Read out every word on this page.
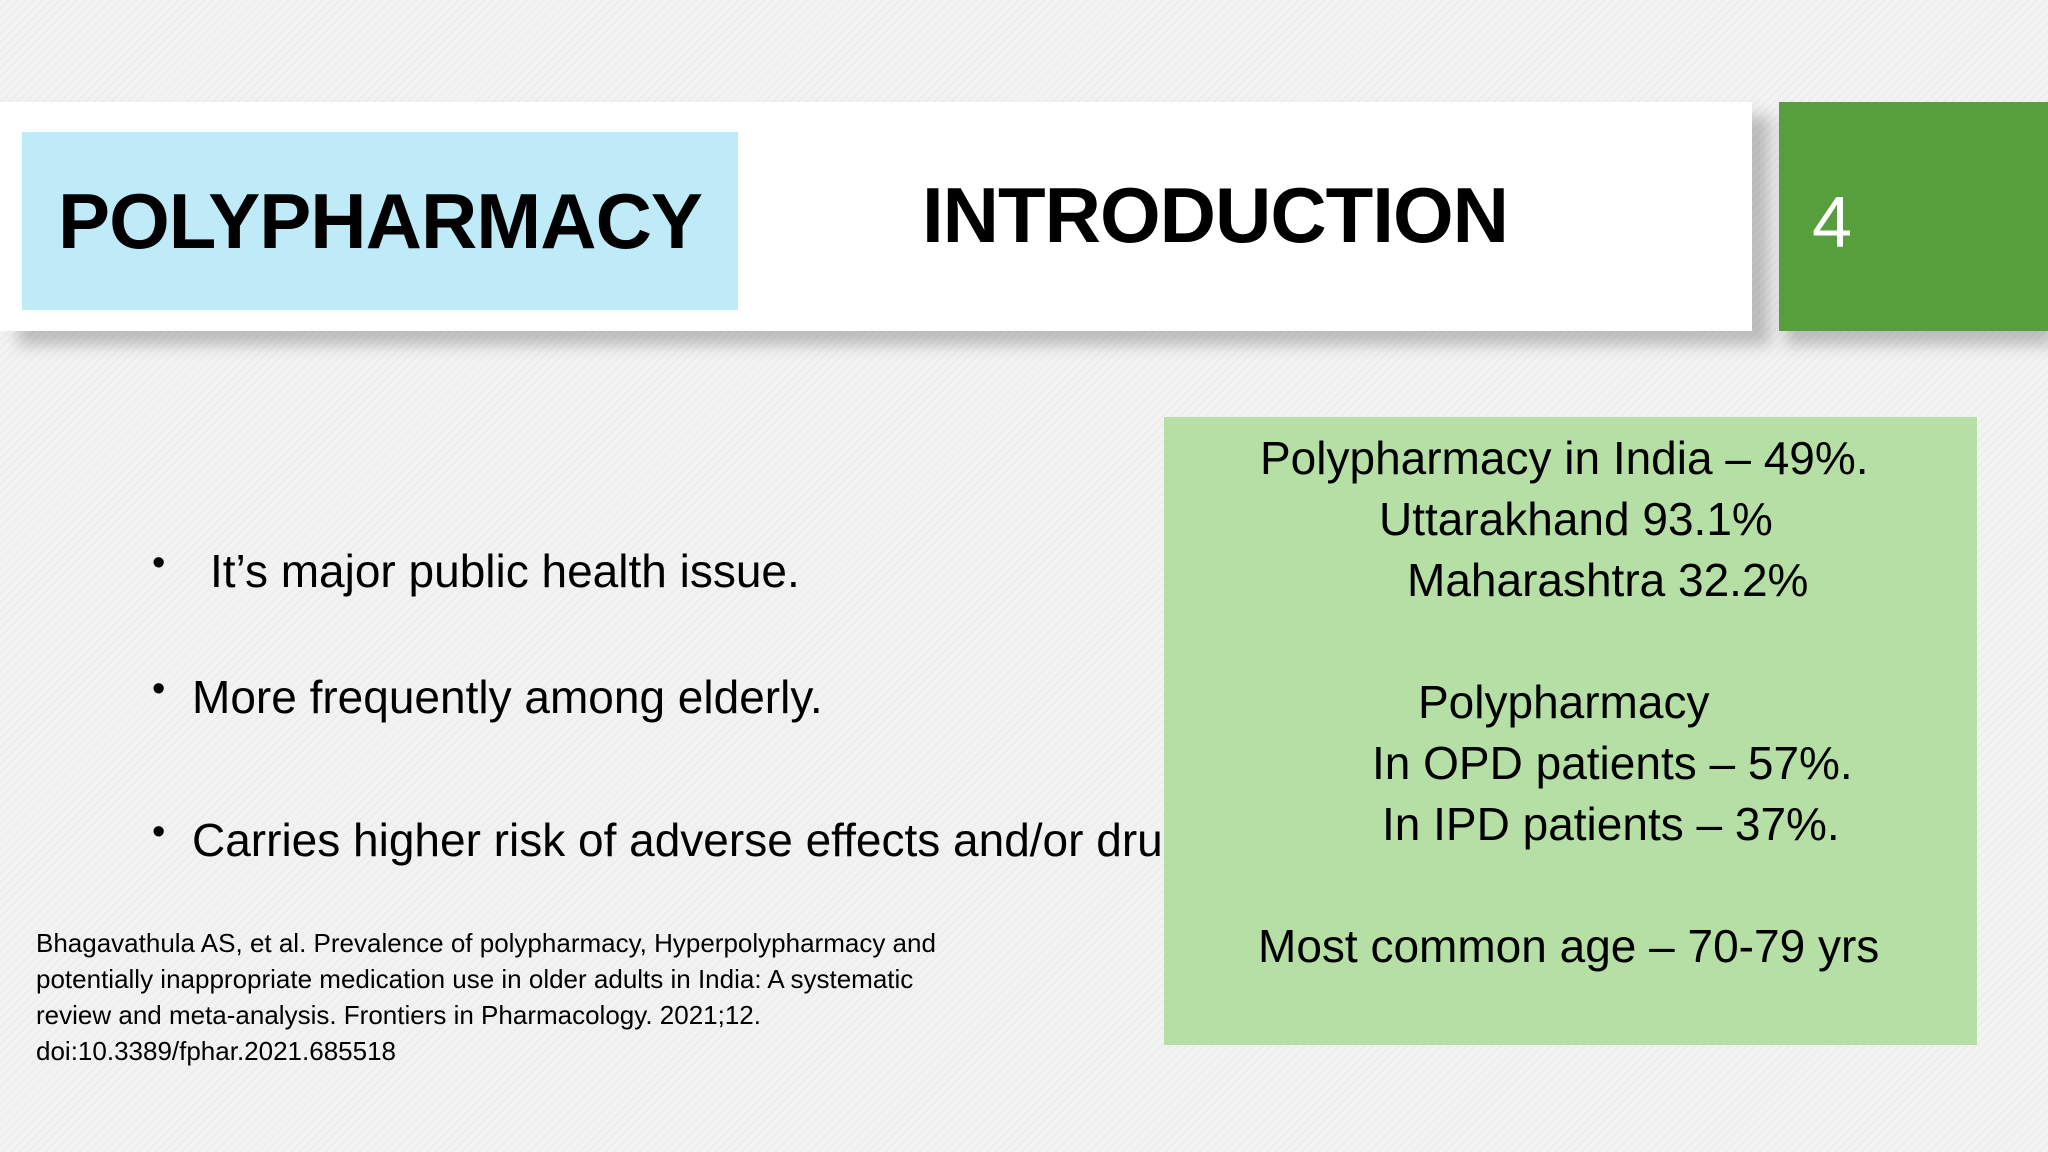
POLYPHARMACY	INTRODUCTION	4
• It’s major public health issue.
• More frequently among elderly.
• Carries higher risk of adverse effects and/or dru
Polypharmacy in India – 49%.
Uttarakhand 93.1%
Maharashtra 32.2%
Polypharmacy
In OPD patients – 57%.
In IPD patients – 37%.
Most common age – 70-79 yrs
Bhagavathula AS, et al. Prevalence of polypharmacy, Hyperpolypharmacy and
potentially inappropriate medication use in older adults in India: A systematic
review and meta-analysis. Frontiers in Pharmacology. 2021;12.
doi:10.3389/fphar.2021.685518
